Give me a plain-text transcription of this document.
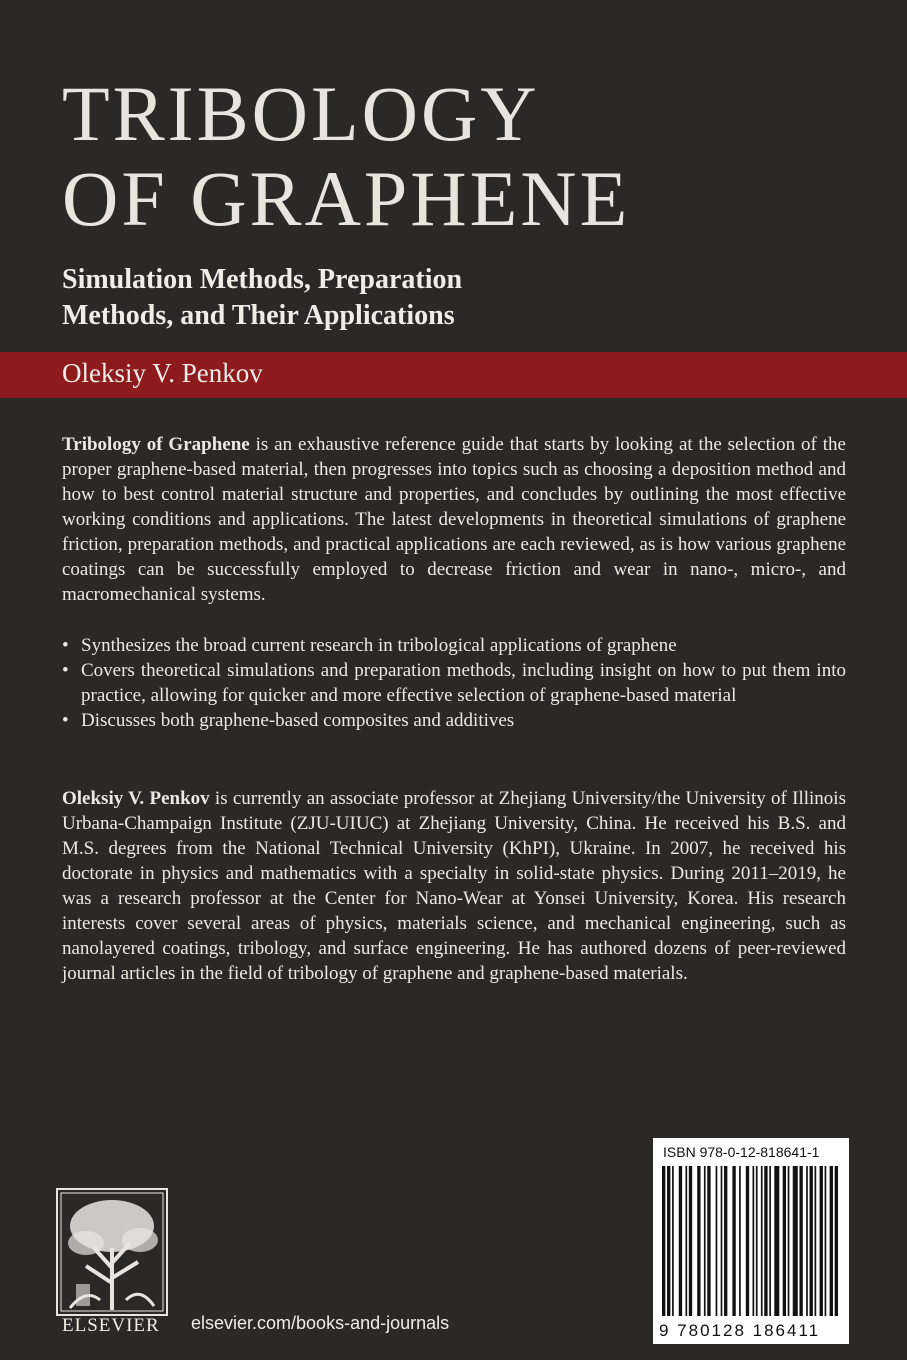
TRIBOLOGY
OF GRAPHENE
Simulation Methods, Preparation
Methods, and Their Applications
Oleksiy V. Penkov

Tribology of Graphene is an exhaustive reference guide that starts by looking at the selection of the proper graphene-based material, then progresses into topics such as choosing a deposition method and how to best control material structure and properties, and concludes by outlining the most effective working conditions and applications. The latest developments in theoretical simulations of graphene friction, preparation methods, and practical applications are each reviewed, as is how various graphene coatings can be successfully employed to decrease friction and wear in nano-, micro-, and macromechanical systems.

• Synthesizes the broad current research in tribological applications of graphene
• Covers theoretical simulations and preparation methods, including insight on how to put them into practice, allowing for quicker and more effective selection of graphene-based material
• Discusses both graphene-based composites and additives

Oleksiy V. Penkov is currently an associate professor at Zhejiang University/the University of Illinois Urbana-Champaign Institute (ZJU-UIUC) at Zhejiang University, China. He received his B.S. and M.S. degrees from the National Technical University (KhPI), Ukraine. In 2007, he received his doctorate in physics and mathematics with a specialty in solid-state physics. During 2011–2019, he was a research professor at the Center for Nano-Wear at Yonsei University, Korea. His research interests cover several areas of physics, materials science, and mechanical engineering, such as nanolayered coatings, tribology, and surface engineering. He has authored dozens of peer-reviewed journal articles in the field of tribology of graphene and graphene-based materials.

ELSEVIER elsevier.com/books-and-journals
ISBN 978-0-12-818641-1
9 780128 186411
